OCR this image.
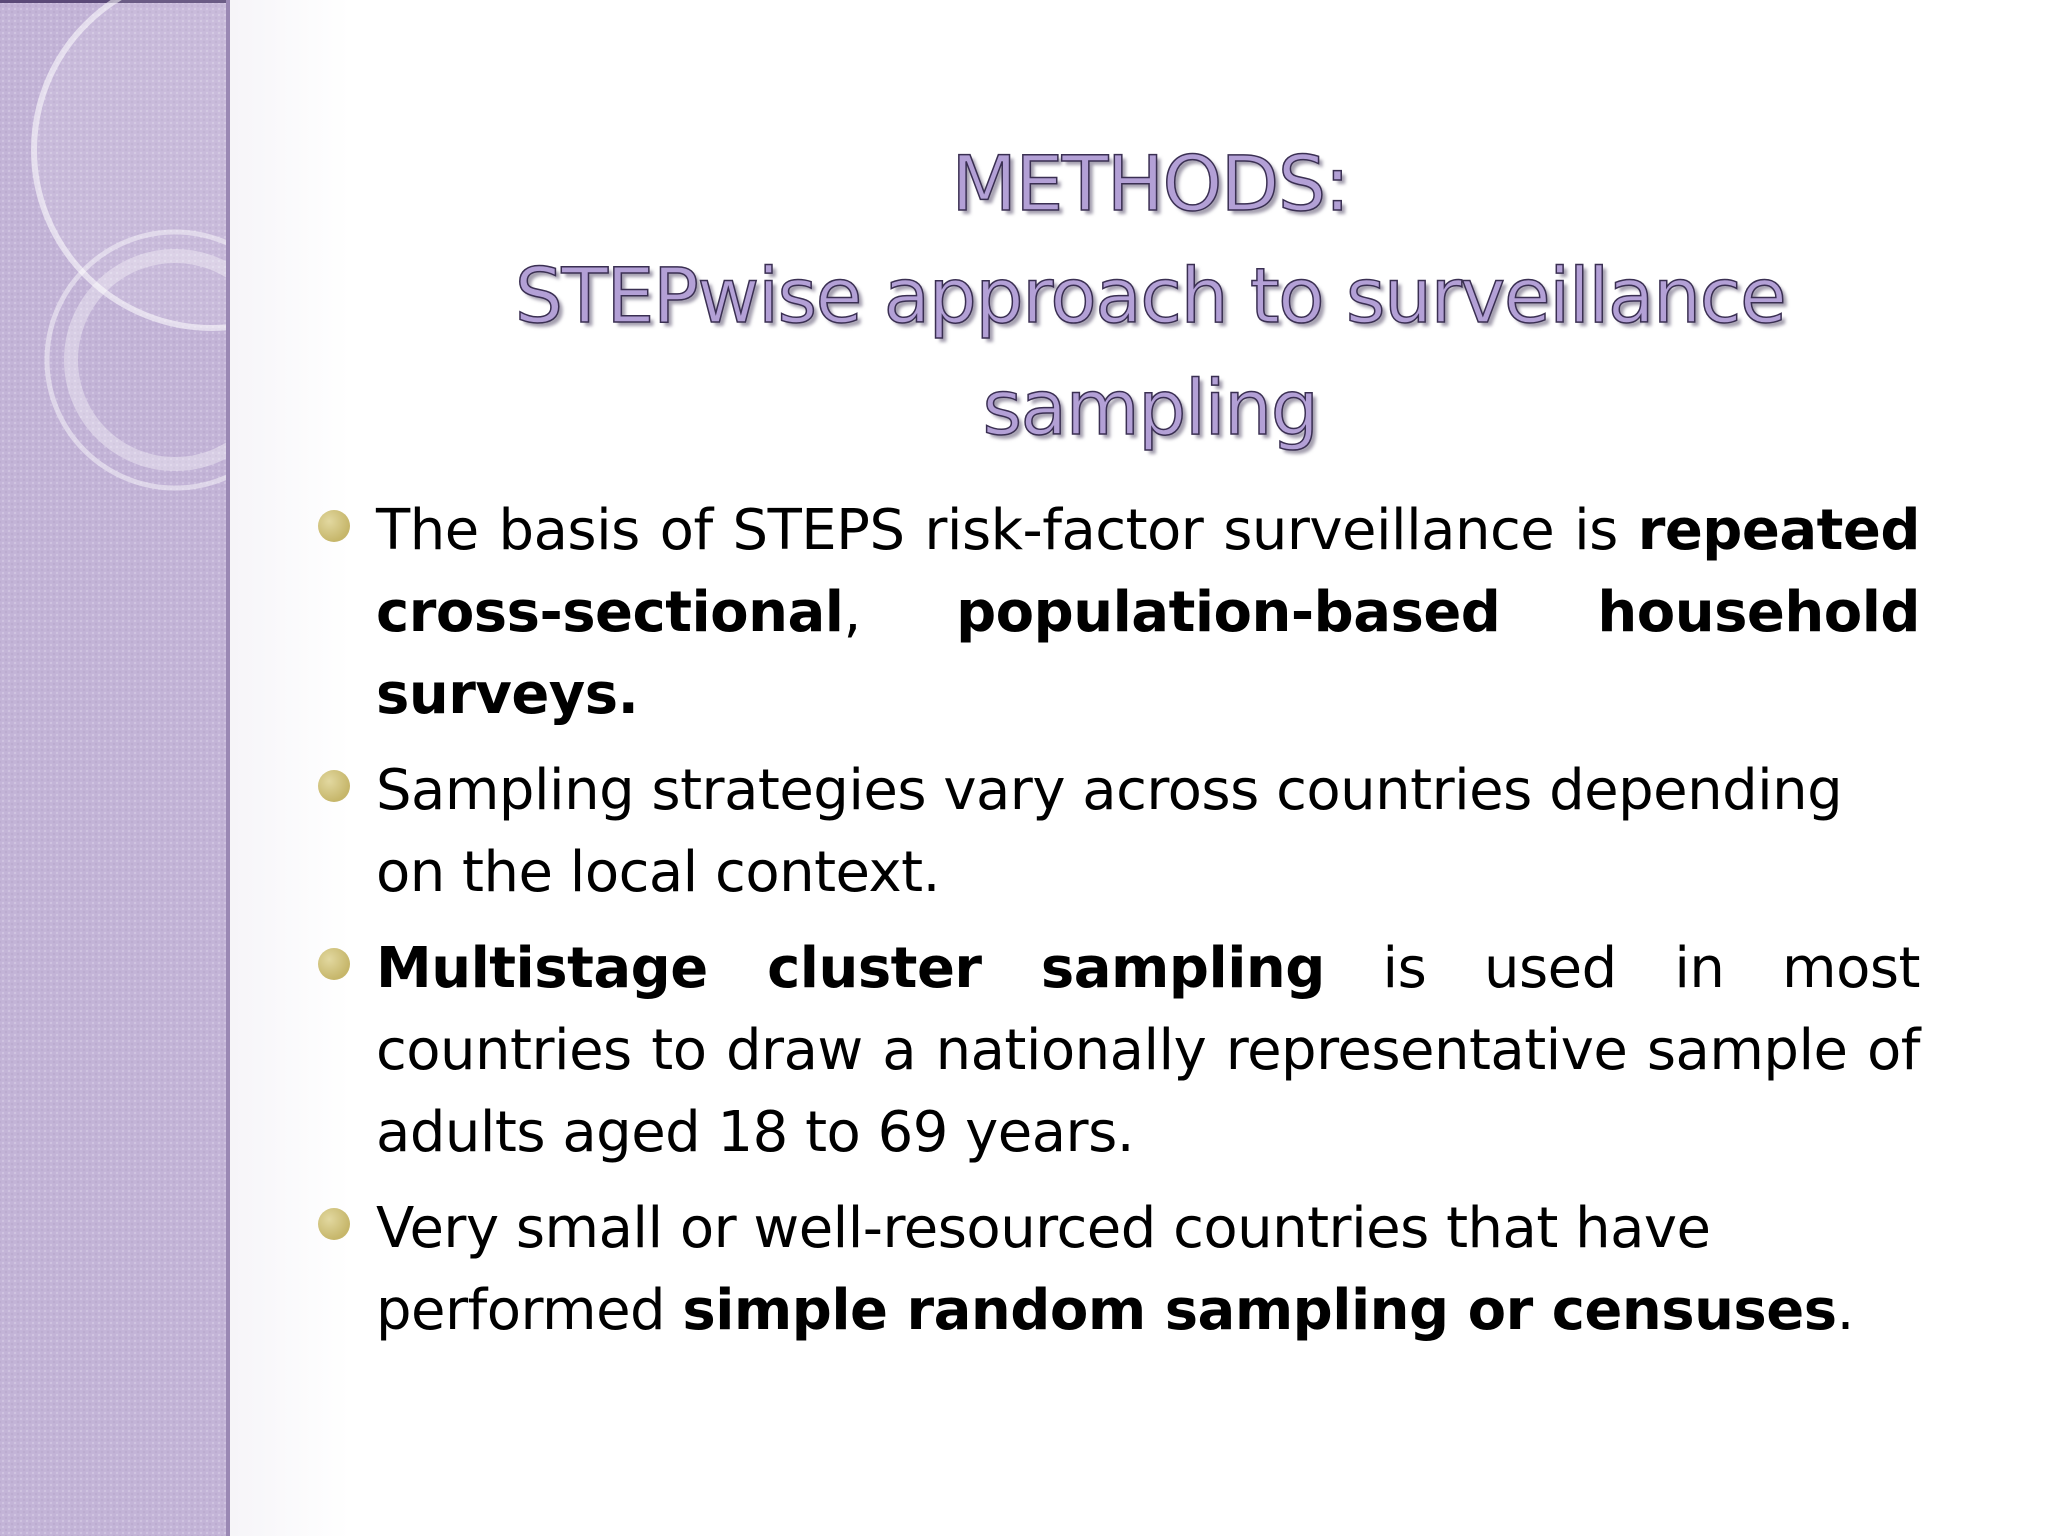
METHODS:
STEPwise approach to surveillance
sampling
The basis of STEPS risk-factor surveillance is repeated cross-sectional, population-based household surveys.
Sampling strategies vary across countries depending on the local context.
Multistage cluster sampling is used in most countries to draw a nationally representative sample of adults aged 18 to 69 years.
Very small or well-resourced countries that have performed simple random sampling or censuses.
